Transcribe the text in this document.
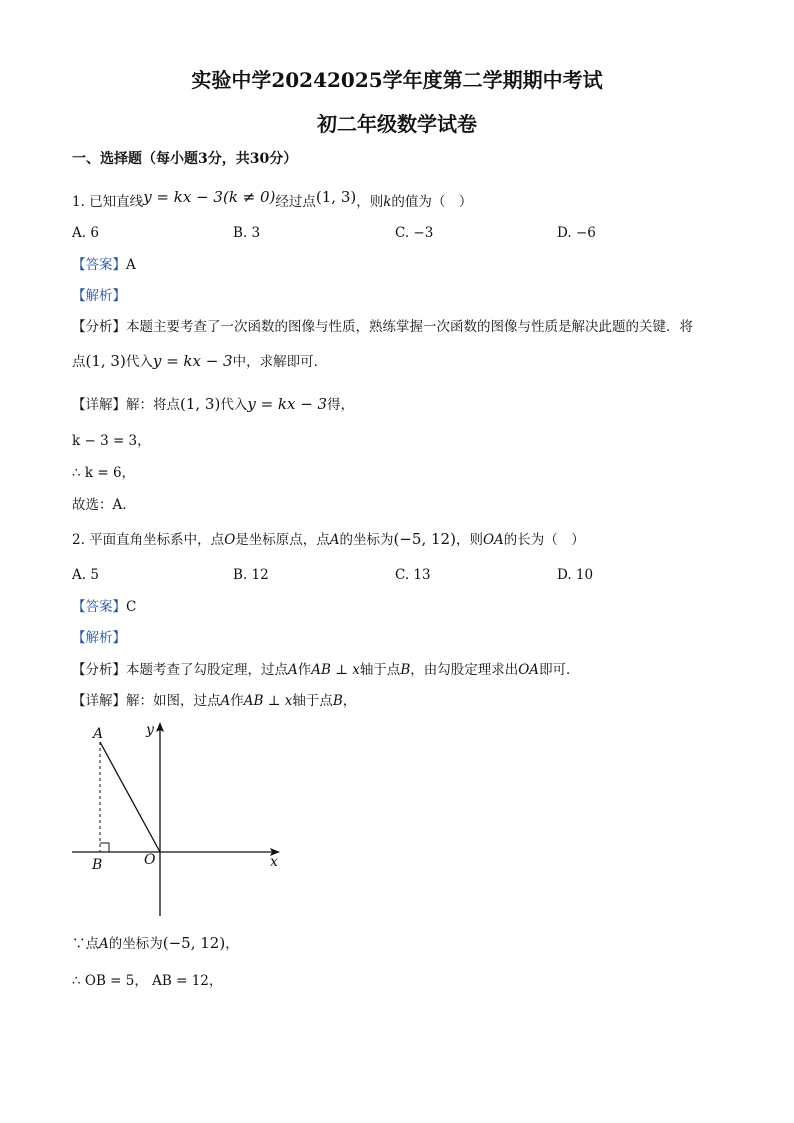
实验中学20242025学年度第二学期期中考试
初二年级数学试卷
一、选择题（每小题3分，共30分）
1. 已知直线y = kx − 3(k ≠ 0)经过点(1, 3)，则k的值为（　）
A. 6	B. 3	C. −3	D. −6
【答案】A
【解析】
【分析】本题主要考查了一次函数的图像与性质，熟练掌握一次函数的图像与性质是解决此题的关键．将
点(1, 3)代入y = kx − 3中，求解即可．
【详解】解：将点(1, 3)代入y = kx − 3得，
k − 3 = 3，
∴ k = 6，
故选：A.
2. 平面直角坐标系中，点O是坐标原点，点A的坐标为(−5, 12)，则OA的长为（　）
A. 5	B. 12	C. 13	D. 10
【答案】C
【解析】
【分析】本题考查了勾股定理，过点A作AB ⊥ x轴于点B，由勾股定理求出OA即可．
【详解】解：如图，过点A作AB ⊥ x轴于点B，
y
x
A
B	O
∵点A的坐标为(−5, 12)，
∴ OB = 5， AB = 12，
